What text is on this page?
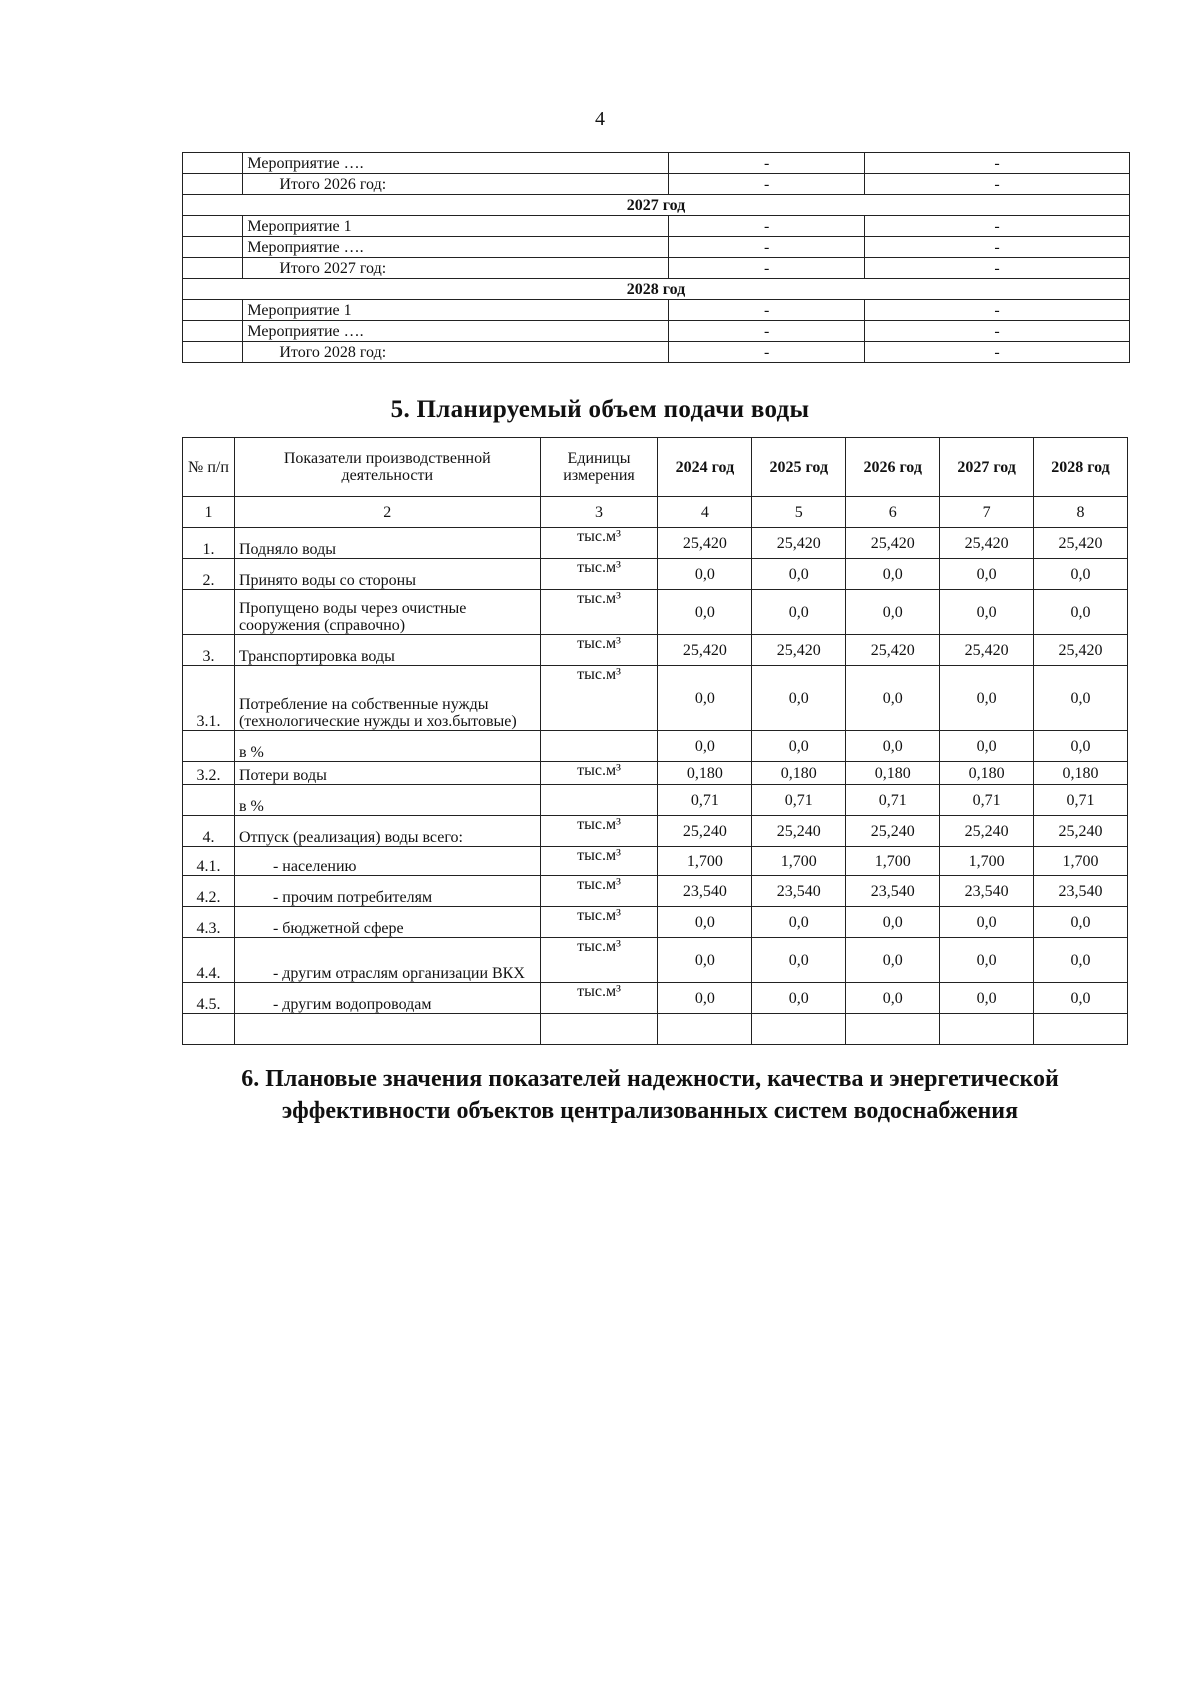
4
	Мероприятие ….	-	-
	Итого 2026 год:	-	-
2027 год			
	Мероприятие 1	-	-
	Мероприятие ….	-	-
	Итого 2027 год:	-	-
2028 год			
	Мероприятие 1	-	-
	Мероприятие ….	-	-
	Итого 2028 год:	-	-
5. Планируемый объем подачи воды
№ п/п	Показатели производственной деятельности	Единицы измерения	2024 год	2025 год	2026 год	2027 год	2028 год
1	2	3	4	5	6	7	8
1.	Подняло воды	тыс.м³	25,420	25,420	25,420	25,420	25,420
2.	Принято воды со стороны	тыс.м³	0,0	0,0	0,0	0,0	0,0
	Пропущено воды через очистные сооружения (справочно)	тыс.м³	0,0	0,0	0,0	0,0	0,0
3.	Транспортировка воды	тыс.м³	25,420	25,420	25,420	25,420	25,420
3.1.	Потребление на собственные нужды (технологические нужды и хоз.бытовые)	тыс.м³	0,0	0,0	0,0	0,0	0,0
	в %		0,0	0,0	0,0	0,0	0,0
3.2.	Потери воды	тыс.м³	0,180	0,180	0,180	0,180	0,180
	в %		0,71	0,71	0,71	0,71	0,71
4.	Отпуск (реализация) воды всего:	тыс.м³	25,240	25,240	25,240	25,240	25,240
4.1.	- населению	тыс.м³	1,700	1,700	1,700	1,700	1,700
4.2.	- прочим потребителям	тыс.м³	23,540	23,540	23,540	23,540	23,540
4.3.	- бюджетной сфере	тыс.м³	0,0	0,0	0,0	0,0	0,0
4.4.	- другим отраслям организации ВКХ	тыс.м³	0,0	0,0	0,0	0,0	0,0
4.5.	- другим водопроводам	тыс.м³	0,0	0,0	0,0	0,0	0,0

6. Плановые значения показателей надежности, качества и энергетической эффективности объектов централизованных систем водоснабжения
